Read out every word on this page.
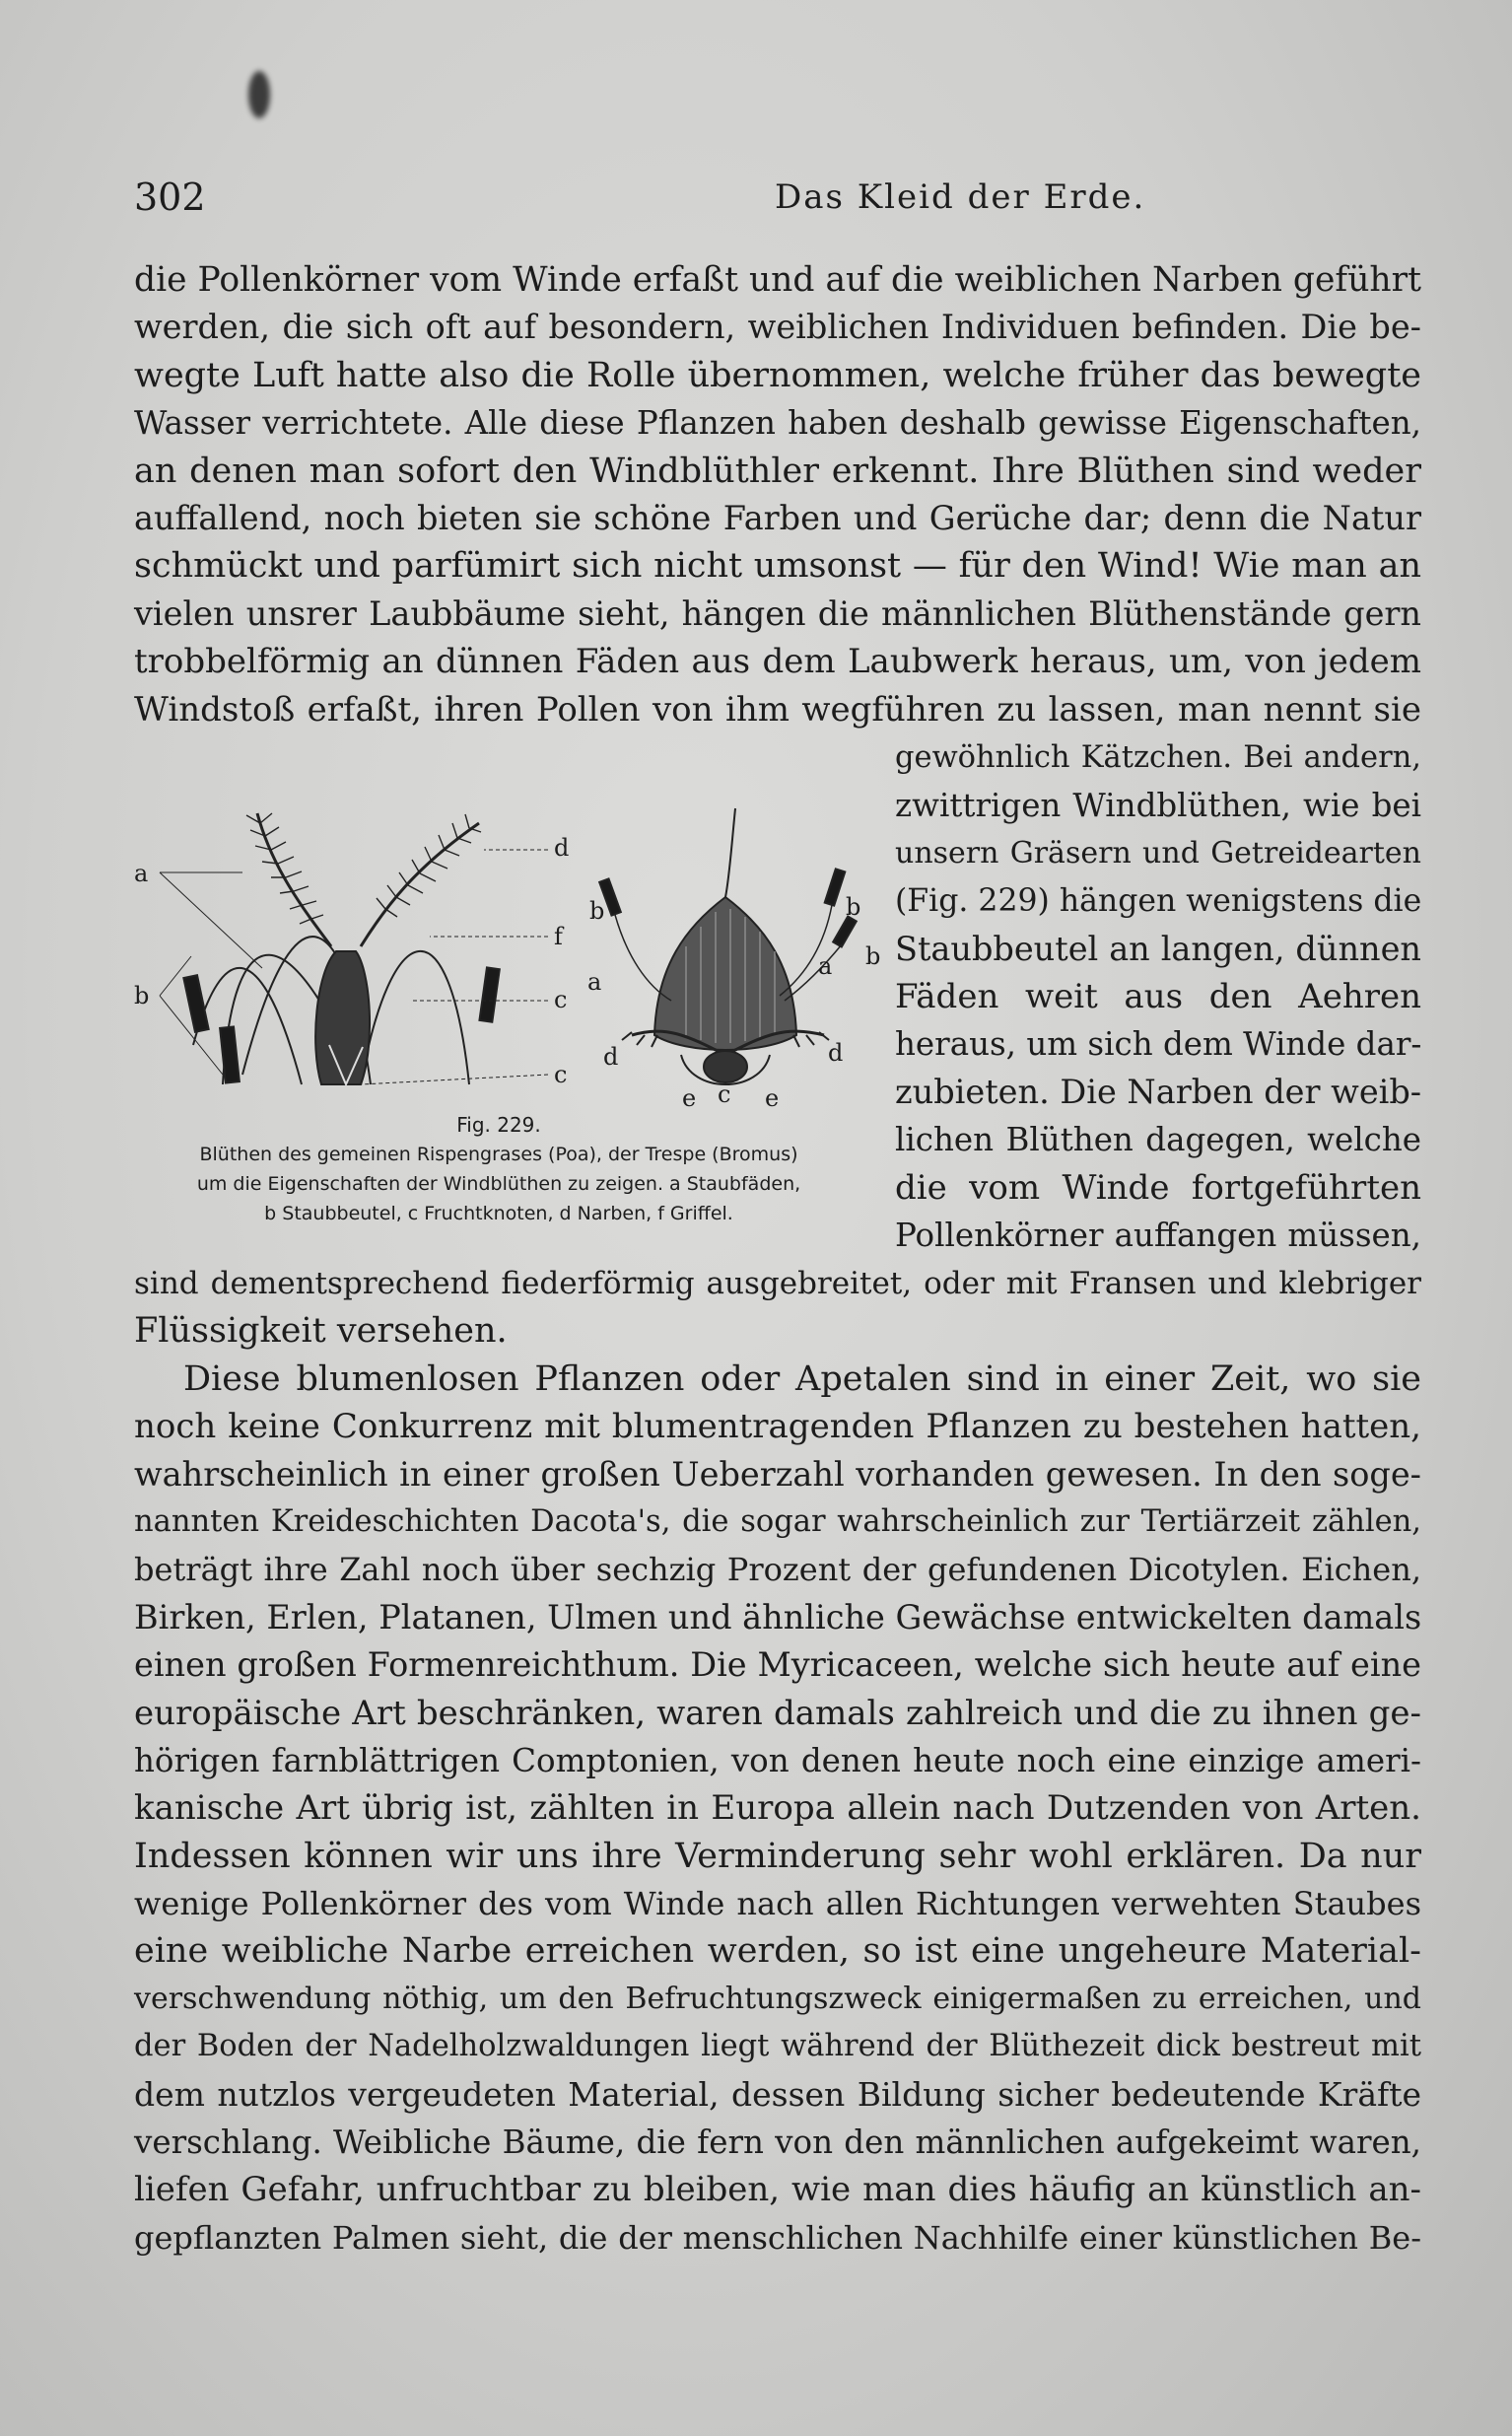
302	Das Kleid der Erde.
die Pollenkörner vom Winde erfaßt und auf die weiblichen Narben geführt
werden, die sich oft auf besondern, weiblichen Individuen befinden. Die be-
wegte Luft hatte also die Rolle übernommen, welche früher das bewegte
Wasser verrichtete. Alle diese Pflanzen haben deshalb gewisse Eigenschaften,
an denen man sofort den Windblüthler erkennt. Ihre Blüthen sind weder
auffallend, noch bieten sie schöne Farben und Gerüche dar; denn die Natur
schmückt und parfümirt sich nicht umsonst — für den Wind! Wie man an
vielen unsrer Laubbäume sieht, hängen die männlichen Blüthenstände gern
trobbelförmig an dünnen Fäden aus dem Laubwerk heraus, um, von jedem
Windstoß erfaßt, ihren Pollen von ihm wegführen zu lassen, man nennt sie
gewöhnlich Kätzchen. Bei andern,
zwittrigen Windblüthen, wie bei
unsern Gräsern und Getreidearten
(Fig. 229) hängen wenigstens die
Staubbeutel an langen, dünnen
Fäden weit aus den Aehren
heraus, um sich dem Winde dar-
zubieten. Die Narben der weib-
lichen Blüthen dagegen, welche
die vom Winde fortgeführten
Pollenkörner auffangen müssen,
a
b
d
f
c
c
b	b
b
a
a
d	d
e c e
Fig. 229.
Blüthen des gemeinen Rispengrases (Poa), der Trespe (Bromus)
um die Eigenschaften der Windblüthen zu zeigen. a Staubfäden,
b Staubbeutel, c Fruchtknoten, d Narben, f Griffel.
sind dementsprechend fiederförmig ausgebreitet, oder mit Fransen und klebriger
Flüssigkeit versehen.
Diese blumenlosen Pflanzen oder Apetalen sind in einer Zeit, wo sie
noch keine Conkurrenz mit blumentragenden Pflanzen zu bestehen hatten,
wahrscheinlich in einer großen Ueberzahl vorhanden gewesen. In den soge-
nannten Kreideschichten Dacota's, die sogar wahrscheinlich zur Tertiärzeit zählen,
beträgt ihre Zahl noch über sechzig Prozent der gefundenen Dicotylen. Eichen,
Birken, Erlen, Platanen, Ulmen und ähnliche Gewächse entwickelten damals
einen großen Formenreichthum. Die Myricaceen, welche sich heute auf eine
europäische Art beschränken, waren damals zahlreich und die zu ihnen ge-
hörigen farnblättrigen Comptonien, von denen heute noch eine einzige ameri-
kanische Art übrig ist, zählten in Europa allein nach Dutzenden von Arten.
Indessen können wir uns ihre Verminderung sehr wohl erklären. Da nur
wenige Pollenkörner des vom Winde nach allen Richtungen verwehten Staubes
eine weibliche Narbe erreichen werden, so ist eine ungeheure Material-
verschwendung nöthig, um den Befruchtungszweck einigermaßen zu erreichen, und
der Boden der Nadelholzwaldungen liegt während der Blüthezeit dick bestreut mit
dem nutzlos vergeudeten Material, dessen Bildung sicher bedeutende Kräfte
verschlang. Weibliche Bäume, die fern von den männlichen aufgekeimt waren,
liefen Gefahr, unfruchtbar zu bleiben, wie man dies häufig an künstlich an-
gepflanzten Palmen sieht, die der menschlichen Nachhilfe einer künstlichen Be-
